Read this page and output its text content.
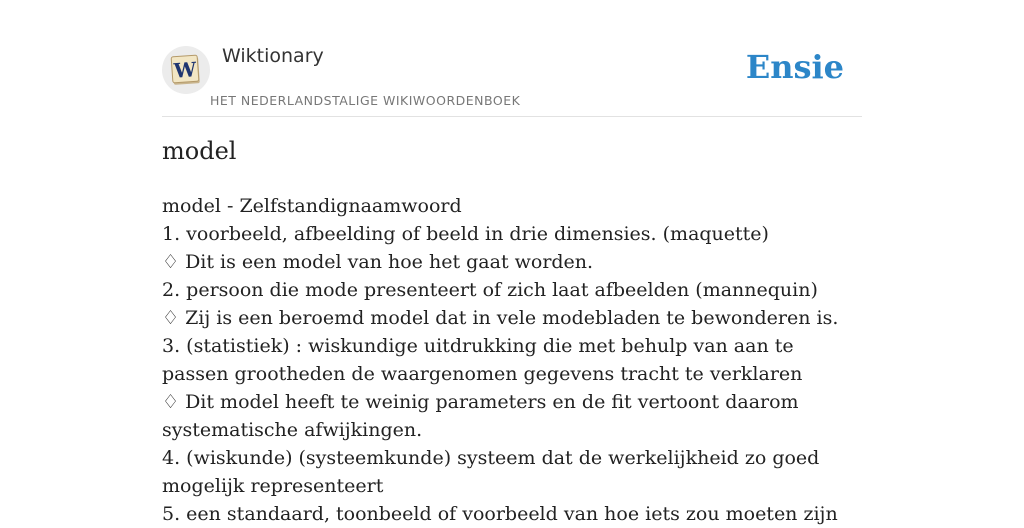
W
Wiktionary
HET NEDERLANDSTALIGE WIKIWOORDENBOEK
Ensie
model
model - Zelfstandignaamwoord
1. voorbeeld, afbeelding of beeld in drie dimensies. (maquette)
♢ Dit is een model van hoe het gaat worden.
2. persoon die mode presenteert of zich laat afbeelden (mannequin)
♢ Zij is een beroemd model dat in vele modebladen te bewonderen is.
3. (statistiek) : wiskundige uitdrukking die met behulp van aan te passen grootheden de waargenomen gegevens tracht te verklaren
♢ Dit model heeft te weinig parameters en de fit vertoont daarom systematische afwijkingen.
4. (wiskunde) (systeemkunde) systeem dat de werkelijkheid zo goed mogelijk representeert
5. een standaard, toonbeeld of voorbeeld van hoe iets zou moeten zijn
